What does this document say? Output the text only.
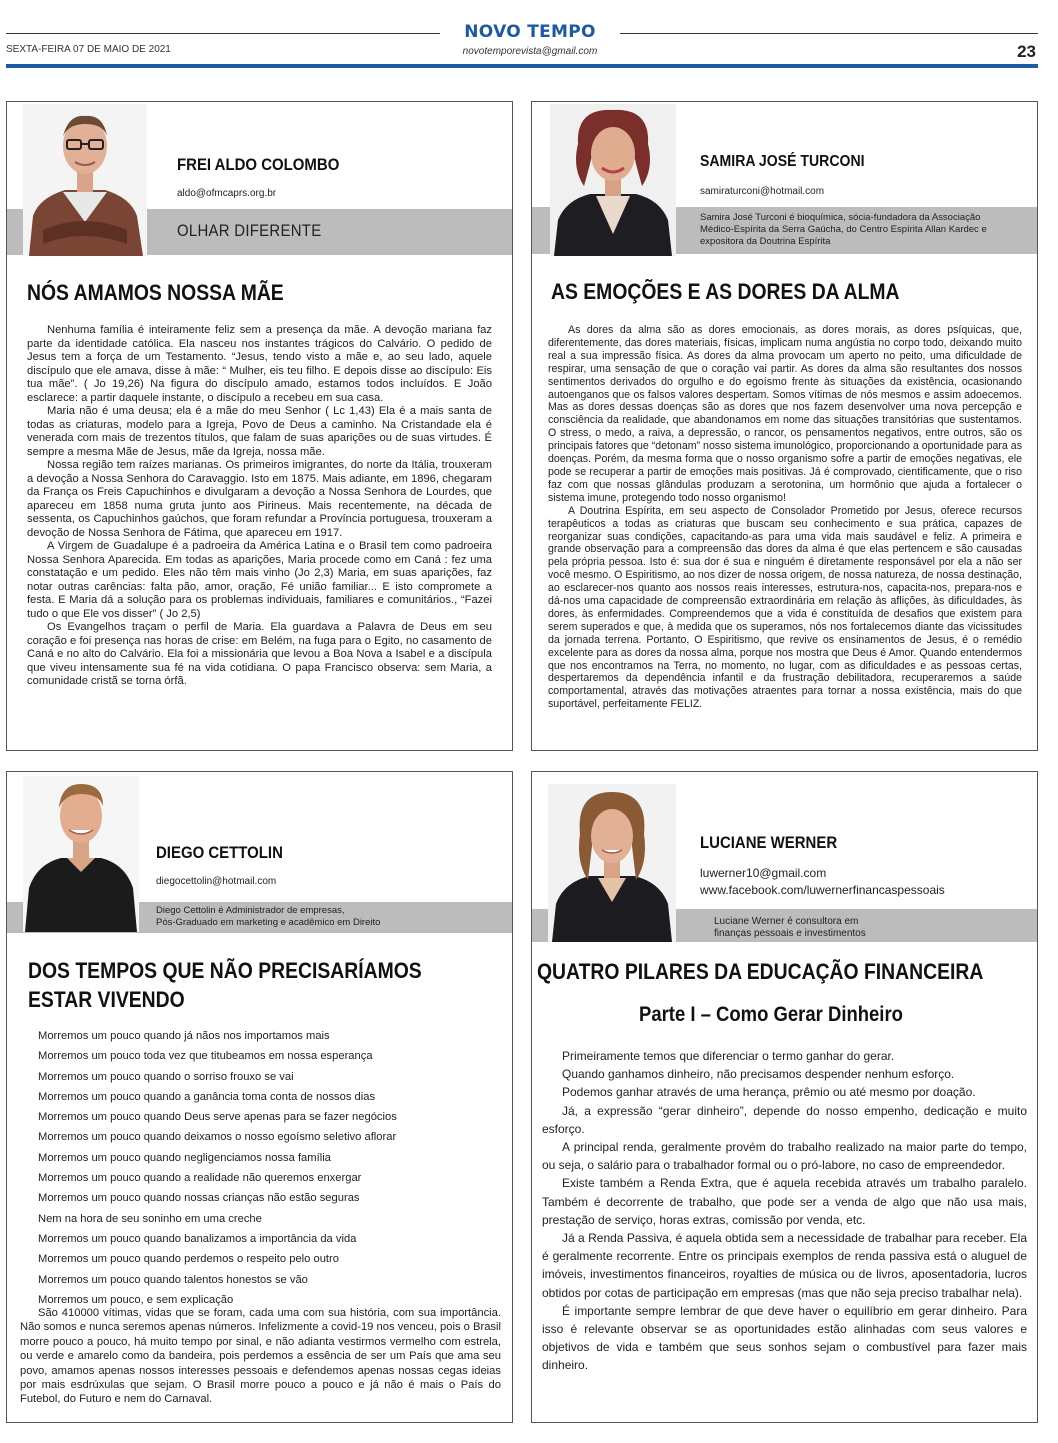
NOVO TEMPO
novotemporevista@gmail.com
SEXTA-FEIRA 07 DE MAIO DE 2021	23
FREI ALDO COLOMBO
aldo@ofmcaprs.org.br
OLHAR DIFERENTE
NÓS AMAMOS NOSSA MÃE

Nenhuma família é inteiramente feliz sem a presença da mãe. A devoção mariana faz parte da identidade católica. Ela nasceu nos instantes trágicos do Calvário. O pedido de Jesus tem a força de um Testamento. “Jesus, tendo visto a mãe e, ao seu lado, aquele discípulo que ele amava, disse à mãe: “ Mulher, eis teu filho. E depois disse ao discípulo: Eis tua mãe”. ( Jo 19,26) Na figura do discípulo amado, estamos todos incluídos. E João esclarece: a partir daquele instante, o discípulo a recebeu em sua casa.

Maria não é uma deusa; ela é a mãe do meu Senhor ( Lc 1,43) Ela é a mais santa de todas as criaturas, modelo para a Igreja, Povo de Deus a caminho. Na Cristandade ela é venerada com mais de trezentos títulos, que falam de suas aparições ou de suas virtudes. É sempre a mesma Mãe de Jesus, mãe da Igreja, nossa mãe.

Nossa região tem raízes marianas. Os primeiros imigrantes, do norte da Itália, trouxeram a devoção a Nossa Senhora do Caravaggio. Isto em 1875. Mais adiante, em 1896, chegaram da França os Freis Capuchinhos e divulgaram a devoção a Nossa Senhora de Lourdes, que apareceu em 1858 numa gruta junto aos Pirineus. Mais recentemente, na década de sessenta, os Capuchinhos gaúchos, que foram refundar a Província portuguesa, trouxeram a devoção de Nossa Senhora de Fátima, que apareceu em 1917.

A Virgem de Guadalupe é a padroeira da América Latina e o Brasil tem como padroeira Nossa Senhora Aparecida. Em todas as aparições, Maria procede como em Caná : fez uma constatação e um pedido. Eles não têm mais vinho (Jo 2,3) Maria, em suas aparições, faz notar outras carências: falta pão, amor, oração, Fé união familiar... E isto compromete a festa. E Maria dá a solução para os problemas individuais, familiares e comunitários., “Fazei tudo o que Ele vos disser” ( Jo 2,5)

Os Evangelhos traçam o perfil de Maria. Ela guardava a Palavra de Deus em seu coração e foi presença nas horas de crise: em Belém, na fuga para o Egito, no casamento de Caná e no alto do Calvário. Ela foi a missionária que levou a Boa Nova a Isabel e a discípula que viveu intensamente sua fé na vida cotidiana. O papa Francisco observa: sem Maria, a comunidade cristã se torna órfã.

SAMIRA JOSÉ TURCONI
samiraturconi@hotmail.com
Samira José Turconi é bioquímica, sócia-fundadora da Associação Médico-Espírita da Serra Gaúcha, do Centro Espírita Allan Kardec e expositora da Doutrina Espírita
AS EMOÇÕES E AS DORES DA ALMA

As dores da alma são as dores emocionais, as dores morais, as dores psíquicas, que, diferentemente, das dores materiais, físicas, implicam numa angústia no corpo todo, deixando muito real a sua impressão física. As dores da alma provocam um aperto no peito, uma dificuldade de respirar, uma sensação de que o coração vai partir. As dores da alma são resultantes dos nossos sentimentos derivados do orgulho e do egoísmo frente às situações da existência, ocasionando autoenganos que os falsos valores despertam. Somos vítimas de nós mesmos e assim adoecemos. Mas as dores dessas doenças são as dores que nos fazem desenvolver uma nova percepção e consciência da realidade, que abandonamos em nome das situações transitórias que sustentamos. O stress, o medo, a raiva, a depressão, o rancor, os pensamentos negativos, entre outros, são os principais fatores que “detonam” nosso sistema imunológico, proporcionando a oportunidade para as doenças. Porém, da mesma forma que o nosso organismo sofre a partir de emoções negativas, ele pode se recuperar a partir de emoções mais positivas. Já é comprovado, cientificamente, que o riso faz com que nossas glândulas produzam a serotonina, um hormônio que ajuda a fortalecer o sistema imune, protegendo todo nosso organismo!

A Doutrina Espírita, em seu aspecto de Consolador Prometido por Jesus, oferece recursos terapêuticos a todas as criaturas que buscam seu conhecimento e sua prática, capazes de reorganizar suas condições, capacitando-as para uma vida mais saudável e feliz. A primeira e grande observação para a compreensão das dores da alma é que elas pertencem e são causadas pela própria pessoa. Isto é: sua dor é sua e ninguém é diretamente responsável por ela a não ser você mesmo. O Espiritismo, ao nos dizer de nossa origem, de nossa natureza, de nossa destinação, ao esclarecer-nos quanto aos nossos reais interesses, estrutura-nos, capacita-nos, prepara-nos e dá-nos uma capacidade de compreensão extraordinária em relação às aflições, às dificuldades, às dores, às enfermidades. Compreendemos que a vida é constituída de desafios que existem para serem superados e que, à medida que os superamos, nós nos fortalecemos diante das vicissitudes da jornada terrena. Portanto, O Espiritismo, que revive os ensinamentos de Jesus, é o remédio excelente para as dores da nossa alma, porque nos mostra que Deus é Amor. Quando entendermos que nos encontramos na Terra, no momento, no lugar, com as dificuldades e as pessoas certas, despertaremos da dependência infantil e da frustração debilitadora, recuperaremos a saúde comportamental, através das motivações atraentes para tornar a nossa existência, mais do que suportável, perfeitamente FELIZ.

DIEGO CETTOLIN
diegocettolin@hotmail.com
Diego Cettolin é Administrador de empresas,
Pós-Graduado em marketing e acadêmico em Direito
DOS TEMPOS QUE NÃO PRECISARÍAMOS
ESTAR VIVENDO
Morremos um pouco quando já nãos nos importamos mais
Morremos um pouco toda vez que titubeamos em nossa esperança
Morremos um pouco quando o sorriso frouxo se vai
Morremos um pouco quando a ganância toma conta de nossos dias
Morremos um pouco quando Deus serve apenas para se fazer negócios
Morremos um pouco quando deixamos o nosso egoísmo seletivo aflorar
Morremos um pouco quando negligenciamos nossa família
Morremos um pouco quando a realidade não queremos enxergar
Morremos um pouco quando nossas crianças não estão seguras
Nem na hora de seu soninho em uma creche
Morremos um pouco quando banalizamos a importância da vida
Morremos um pouco quando perdemos o respeito pelo outro
Morremos um pouco quando talentos honestos se vão
Morremos um pouco, e sem explicação

São 410000 vítimas, vidas que se foram, cada uma com sua história, com sua importância. Não somos e nunca seremos apenas números. Infelizmente a covid-19 nos venceu, pois o Brasil morre pouco a pouco, há muito tempo por sinal, e não adianta vestirmos vermelho com estrela, ou verde e amarelo como da bandeira, pois perdemos a essência de ser um País que ama seu povo, amamos apenas nossos interesses pessoais e defendemos apenas nossas cegas ideias por mais esdrúxulas que sejam. O Brasil morre pouco a pouco e já não é mais o País do Futebol, do Futuro e nem do Carnaval.

LUCIANE WERNER
luwerner10@gmail.com
www.facebook.com/luwernerfinancaspessoais
Luciane Werner é consultora em
finanças pessoais e investimentos
QUATRO PILARES DA EDUCAÇÃO FINANCEIRA
Parte I – Como Gerar Dinheiro

Primeiramente temos que diferenciar o termo ganhar do gerar.

Quando ganhamos dinheiro, não precisamos despender nenhum esforço.

Podemos ganhar através de uma herança, prêmio ou até mesmo por doação.

Já, a expressão “gerar dinheiro”, depende do nosso empenho, dedicação e muito esforço.

A principal renda, geralmente provém do trabalho realizado na maior parte do tempo, ou seja, o salário para o trabalhador formal ou o pró-labore, no caso de empreendedor.

Existe também a Renda Extra, que é aquela recebida através um trabalho paralelo. Também é decorrente de trabalho, que pode ser a venda de algo que não usa mais, prestação de serviço, horas extras, comissão por venda, etc.

Já a Renda Passiva, é aquela obtida sem a necessidade de trabalhar para receber. Ela é geralmente recorrente. Entre os principais exemplos de renda passiva está o aluguel de imóveis, investimentos financeiros, royalties de música ou de livros, aposentadoria, lucros obtidos por cotas de participação em empresas (mas que não seja preciso trabalhar nela).

É importante sempre lembrar de que deve haver o equilíbrio em gerar dinheiro. Para isso é relevante observar se as oportunidades estão alinhadas com seus valores e objetivos de vida e também que seus sonhos sejam o combustível para fazer mais dinheiro.
